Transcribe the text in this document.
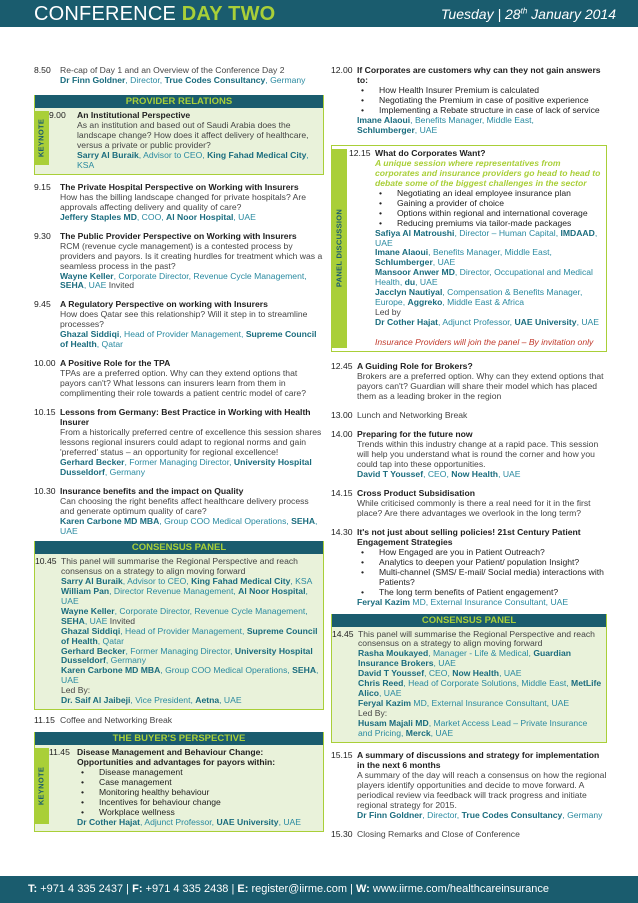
CONFERENCE DAY TWO	Tuesday | 28th January 2014
8.50	Re-cap of Day 1 and an Overview of the Conference Day 2
Dr Finn Goldner, Director, True Codes Consultancy, Germany
PROVIDER RELATIONS
KEYNOTE
9.00	An Institutional Perspective
As an institution and based out of Saudi Arabia does the landscape change? How does it affect delivery of healthcare, versus a private or public provider?
Sarry Al Buraik, Advisor to CEO, King Fahad Medical City, KSA
9.15	The Private Hospital Perspective on Working with Insurers
How has the billing landscape changed for private hospitals? Are approvals affecting delivery and quality of care?
Jeffery Staples MD, COO, Al Noor Hospital, UAE
9.30	The Public Provider Perspective on Working with Insurers
RCM (revenue cycle management) is a contested process by providers and payors. Is it creating hurdles for treatment which was a seamless process in the past?
Wayne Keller, Corporate Director, Revenue Cycle Management, SEHA, UAE Invited
9.45	A Regulatory Perspective on working with Insurers
How does Qatar see this relationship? Will it step in to streamline processes?
Ghazal Siddiqi, Head of Provider Management, Supreme Council of Health, Qatar
10.00 A Positive Role for the TPA
TPAs are a preferred option. Why can they extend options that payors can't? What lessons can insurers learn from them in complimenting their role towards a patient centric model of care?
10.15 Lessons from Germany: Best Practice in Working with Health Insurer
From a historically preferred centre of excellence this session shares lessons regional insurers could adapt to regional norms and gain 'preferred' status – an opportunity for regional excellence!
Gerhard Becker, Former Managing Director, University Hospital Dusseldorf, Germany
10.30 Insurance benefits and the impact on Quality
Can choosing the right benefits affect healthcare delivery process and generate optimum quality of care?
Karen Carbone MD MBA, Group COO Medical Operations, SEHA, UAE
CONSENSUS PANEL
10.45 This panel will summarise the Regional Perspective and reach consensus on a strategy to align moving forward
Sarry Al Buraik, Advisor to CEO, King Fahad Medical City, KSA
William Pan, Director Revenue Management, Al Noor Hospital, UAE
Wayne Keller, Corporate Director, Revenue Cycle Management, SEHA, UAE Invited
Ghazal Siddiqi, Head of Provider Management, Supreme Council of Health, Qatar
Gerhard Becker, Former Managing Director, University Hospital Dusseldorf, Germany
Karen Carbone MD MBA, Group COO Medical Operations, SEHA, UAE
Led By:
Dr. Saif Al Jaibeji, Vice President, Aetna, UAE
11.15 Coffee and Networking Break
THE BUYER'S PERSPECTIVE
KEYNOTE
11.45 Disease Management and Behaviour Change:
Opportunities and advantages for payors within:
• Disease management
• Case management
• Monitoring healthy behaviour
• Incentives for behaviour change
• Workplace wellness
Dr Cother Hajat, Adjunct Professor, UAE University, UAE
12.00 If Corporates are customers why can they not gain answers to:
• How Health Insurer Premium is calculated
• Negotiating the Premium in case of positive experience
• Implementing a Rebate structure in case of lack of service
Imane Alaoui, Benefits Manager, Middle East,
Schlumberger, UAE
PANEL DISCUSSION
12.15 What do Corporates Want?
A unique session where representatives from corporates and insurance providers go head to head to debate some of the biggest challenges in the sector
• Negotiating an ideal employee insurance plan
• Gaining a provider of choice
• Options within regional and international coverage
• Reducing premiums via tailor-made packages
Safiya Al Matroushi, Director – Human Capital, IMDAAD, UAE
Imane Alaoui, Benefits Manager, Middle East, Schlumberger, UAE
Mansoor Anwer MD, Director, Occupational and Medical Health, du, UAE
Jacclyn Nautiyal, Compensation & Benefits Manager, Europe, Aggreko, Middle East & Africa
Led by
Dr Cother Hajat, Adjunct Professor, UAE University, UAE

Insurance Providers will join the panel – By invitation only
12.45 A Guiding Role for Brokers?
Brokers are a preferred option. Why can they extend options that payors can't? Guardian will share their model which has placed them as a leading broker in the region
13.00 Lunch and Networking Break
14.00 Preparing for the future now
Trends within this industry change at a rapid pace. This session will help you understand what is round the corner and how you could tap into these opportunities.
David T Youssef, CEO, Now Health, UAE
14.15 Cross Product Subsidisation
While criticised commonly is there a real need for it in the first place? Are there advantages we overlook in the long term?
14.30 It's not just about selling policies! 21st Century Patient Engagement Strategies
• How Engaged are you in Patient Outreach?
• Analytics to deepen your Patient/ population Insight?
• Multi-channel (SMS/ E-mail/ Social media) interactions with Patients?
• The long term benefits of Patient engagement?
Feryal Kazim MD, External Insurance Consultant, UAE
CONSENSUS PANEL
14.45 This panel will summarise the Regional Perspective and reach consensus on a strategy to align moving forward
Rasha Moukayed, Manager - Life & Medical, Guardian Insurance Brokers, UAE
David T Youssef, CEO, Now Health, UAE
Chris Reed, Head of Corporate Solutions, Middle East, MetLife Alico, UAE
Feryal Kazim MD, External Insurance Consultant, UAE
Led By:
Husam Majali MD, Market Access Lead – Private Insurance and Pricing, Merck, UAE
15.15 A summary of discussions and strategy for implementation in the next 6 months
A summary of the day will reach a consensus on how the regional players identify opportunities and decide to move forward. A periodical review via feedback will track progress and initiate regional strategy for 2015.
Dr Finn Goldner, Director, True Codes Consultancy, Germany
15.30 Closing Remarks and Close of Conference
T: +971 4 335 2437 | F: +971 4 335 2438 | E: register@iirme.com | W: www.iirme.com/healthcareinsurance
